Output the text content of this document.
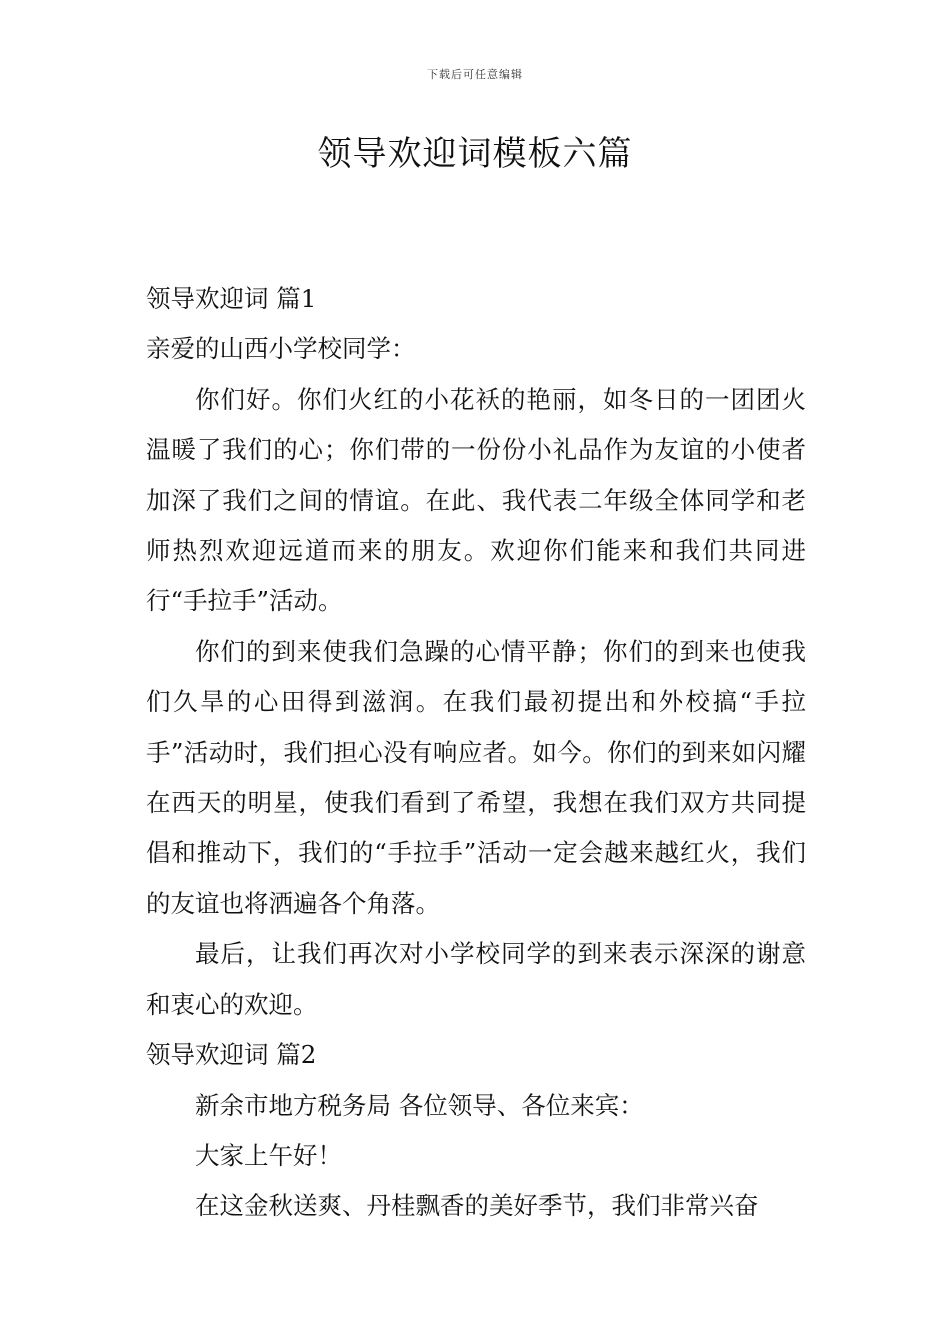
下载后可任意编辑
领导欢迎词模板六篇

领导欢迎词 篇1

亲爱的山西小学校同学：

你们好。你们火红的小花袄的艳丽，如冬日的一团团火温暖了我们的心；你们带的一份份小礼品作为友谊的小使者加深了我们之间的情谊。在此、我代表二年级全体同学和老师热烈欢迎远道而来的朋友。欢迎你们能来和我们共同进行“手拉手”活动。

你们的到来使我们急躁的心情平静；你们的到来也使我们久旱的心田得到滋润。在我们最初提出和外校搞“手拉手”活动时，我们担心没有响应者。如今。你们的到来如闪耀在西天的明星，使我们看到了希望，我想在我们双方共同提倡和推动下，我们的“手拉手”活动一定会越来越红火，我们的友谊也将洒遍各个角落。

最后，让我们再次对小学校同学的到来表示深深的谢意和衷心的欢迎。

领导欢迎词 篇2

新余市地方税务局 各位领导、各位来宾：

大家上午好！

在这金秋送爽、丹桂飘香的美好季节，我们非常兴奋
